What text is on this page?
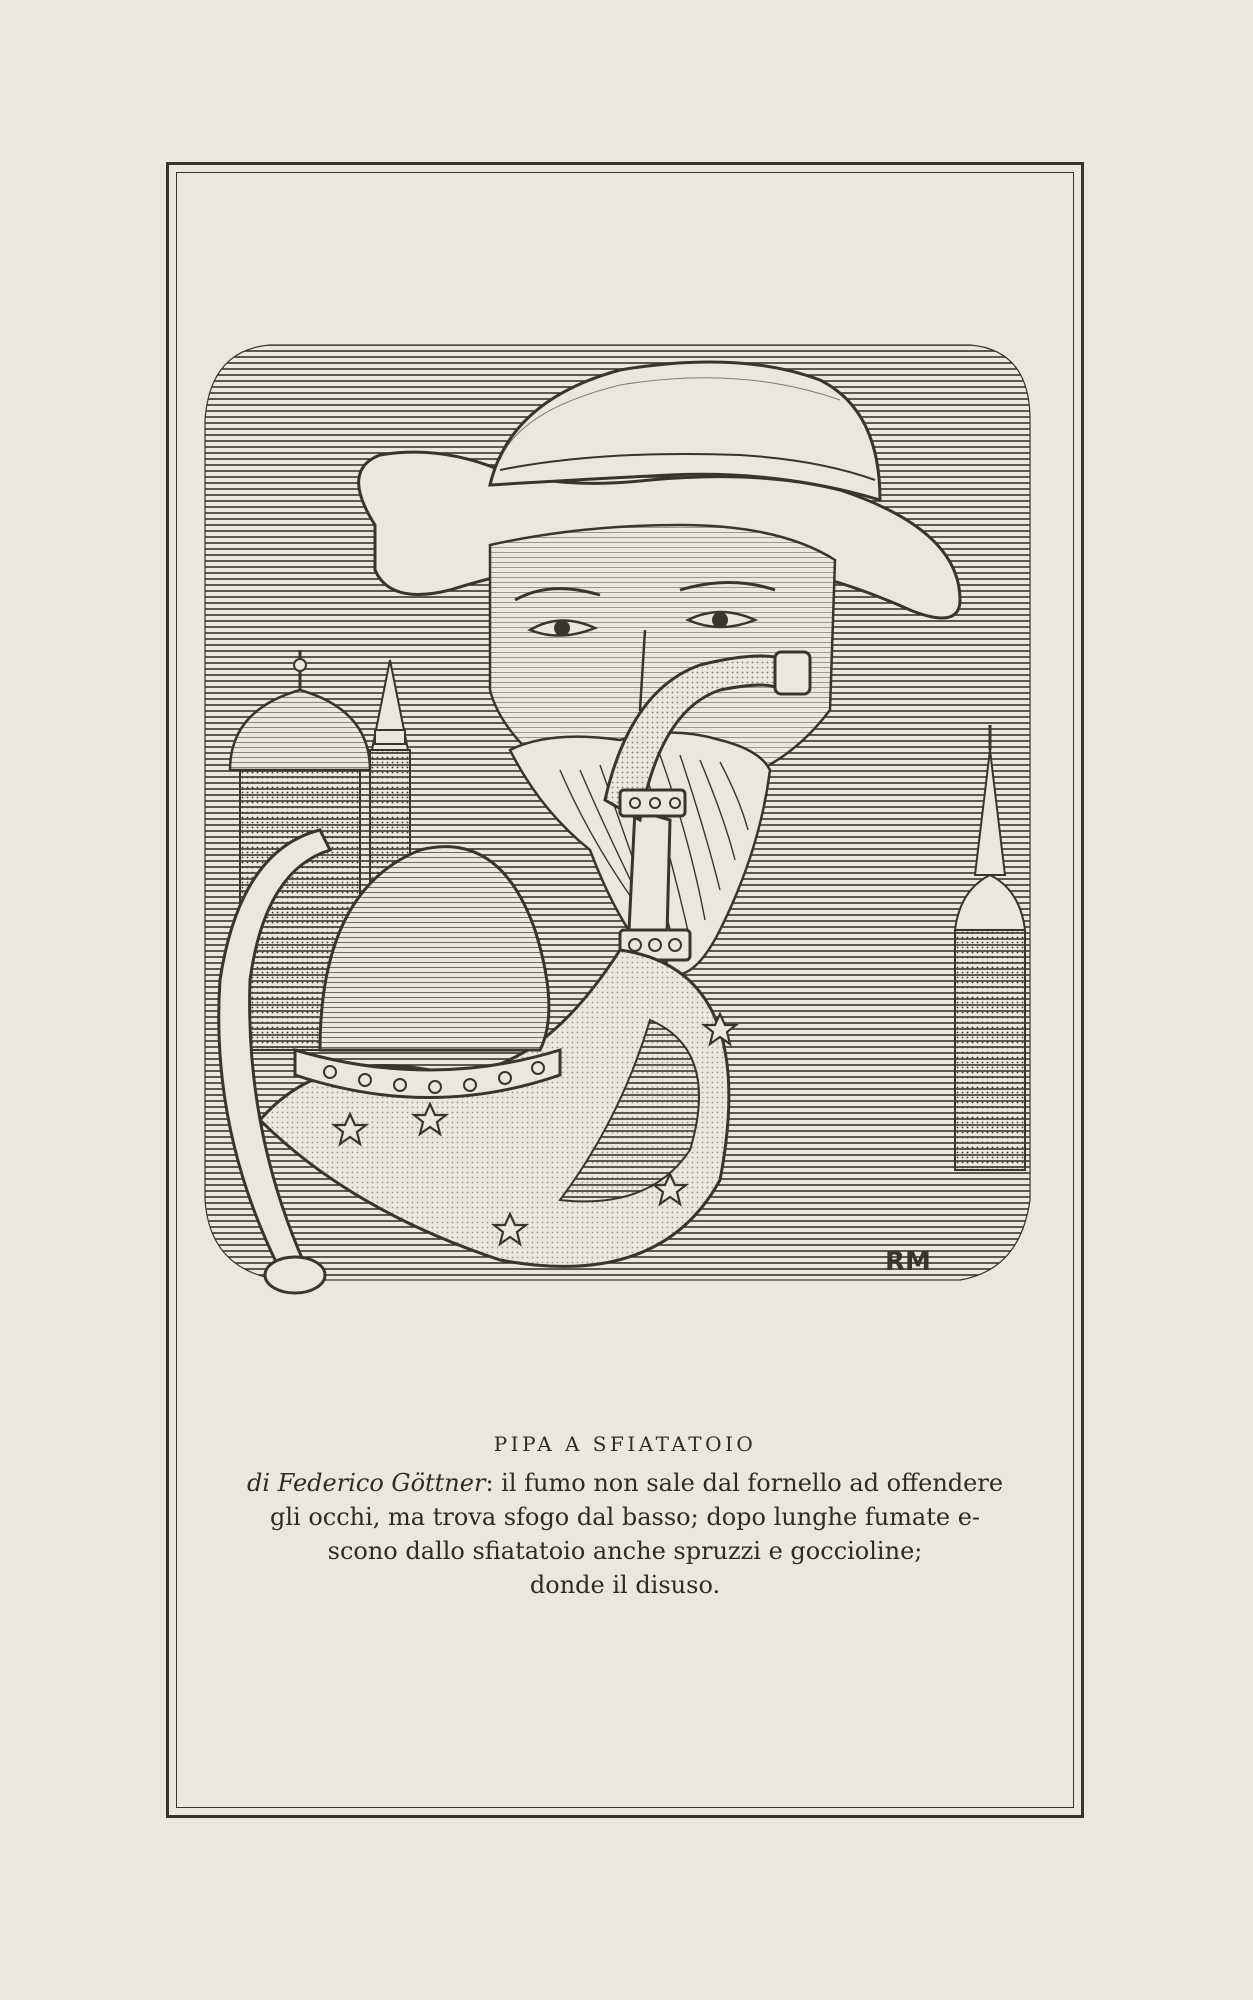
RM
PIPA A SFIATATOIO
di Federico Göttner: il fumo non sale dal fornello ad offendere
gli occhi, ma trova sfogo dal basso; dopo lunghe fumate e-
scono dallo sfiatatoio anche spruzzi e goccioline;
donde il disuso.
